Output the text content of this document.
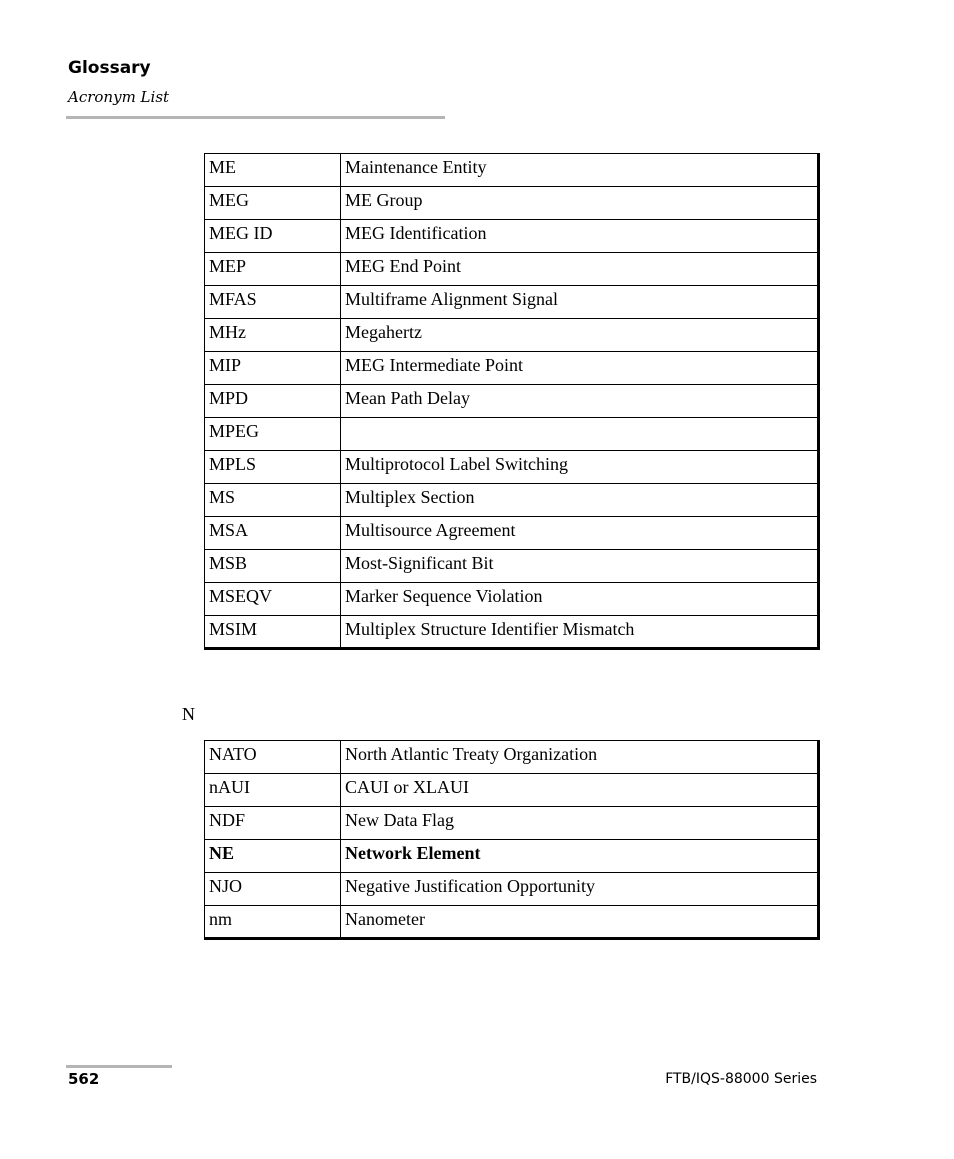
Glossary
Acronym List
ME	Maintenance Entity
MEG	ME Group
MEG ID	MEG Identification
MEP	MEG End Point
MFAS	Multiframe Alignment Signal
MHz	Megahertz
MIP	MEG Intermediate Point
MPD	Mean Path Delay
MPEG	
MPLS	Multiprotocol Label Switching
MS	Multiplex Section
MSA	Multisource Agreement
MSB	Most-Significant Bit
MSEQV	Marker Sequence Violation
MSIM	Multiplex Structure Identifier Mismatch
N
NATO	North Atlantic Treaty Organization
nAUI	CAUI or XLAUI
NDF	New Data Flag
NE	Network Element
NJO	Negative Justification Opportunity
nm	Nanometer
562	FTB/IQS-88000 Series
